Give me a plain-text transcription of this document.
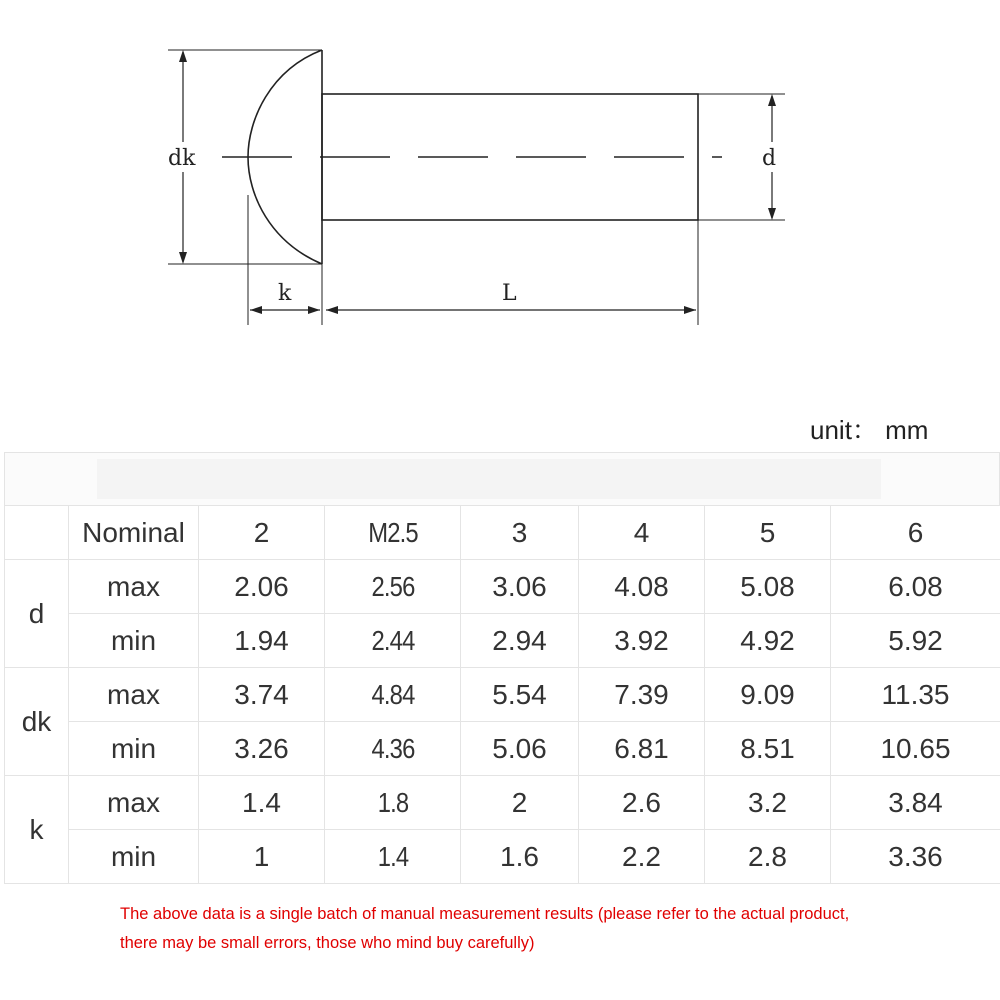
dk	d
k	L
unit： mm
	Nominal	2	M2.5	3	4	5	6
d	max	2.06	2.56	3.06	4.08	5.08	6.08
	min	1.94	2.44	2.94	3.92	4.92	5.92
dk	max	3.74	4.84	5.54	7.39	9.09	11.35
	min	3.26	4.36	5.06	6.81	8.51	10.65
k	max	1.4	1.8	2	2.6	3.2	3.84
	min	1	1.4	1.6	2.2	2.8	3.36
The above data is a single batch of manual measurement results (please refer to the actual product,
there may be small errors, those who mind buy carefully)
